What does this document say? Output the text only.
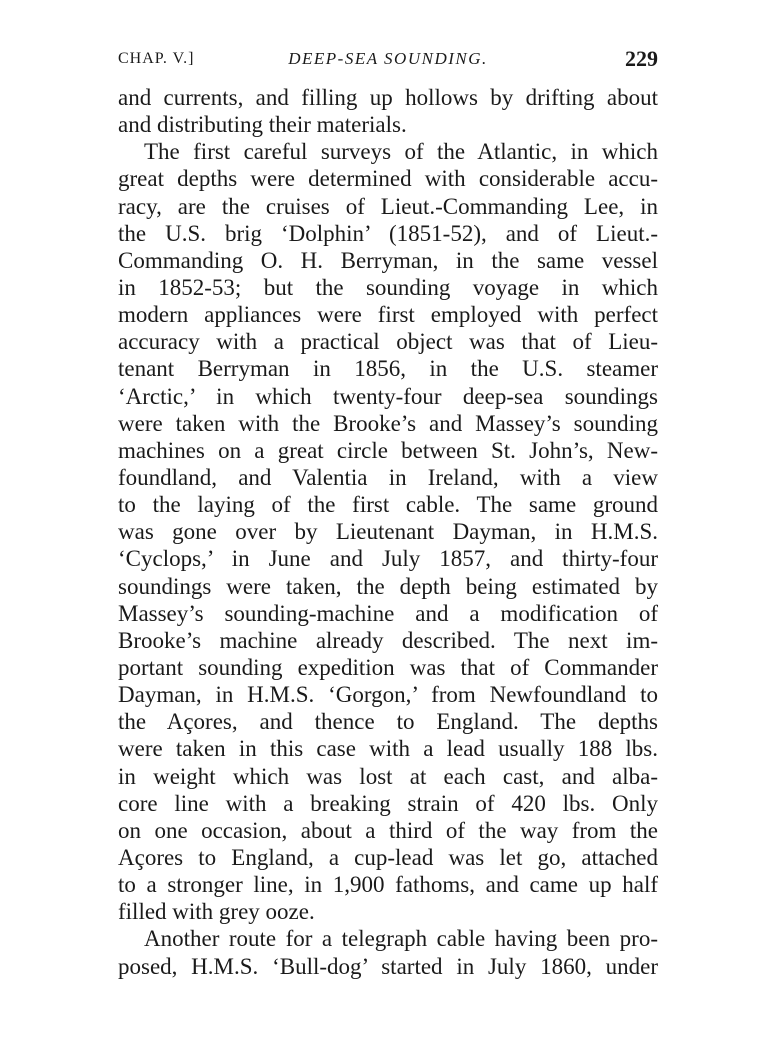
CHAP. V.]	DEEP-SEA SOUNDING.	229
and currents, and filling up hollows by drifting about
and distributing their materials.
The first careful surveys of the Atlantic, in which
great depths were determined with considerable accu-
racy, are the cruises of Lieut.-Commanding Lee, in
the U.S. brig ‘Dolphin’ (1851-52), and of Lieut.-
Commanding O. H. Berryman, in the same vessel
in 1852-53; but the sounding voyage in which
modern appliances were first employed with perfect
accuracy with a practical object was that of Lieu-
tenant Berryman in 1856, in the U.S. steamer
‘Arctic,’ in which twenty-four deep-sea soundings
were taken with the Brooke’s and Massey’s sounding
machines on a great circle between St. John’s, New-
foundland, and Valentia in Ireland, with a view
to the laying of the first cable. The same ground
was gone over by Lieutenant Dayman, in H.M.S.
‘Cyclops,’ in June and July 1857, and thirty-four
soundings were taken, the depth being estimated by
Massey’s sounding-machine and a modification of
Brooke’s machine already described. The next im-
portant sounding expedition was that of Commander
Dayman, in H.M.S. ‘Gorgon,’ from Newfoundland to
the Açores, and thence to England. The depths
were taken in this case with a lead usually 188 lbs.
in weight which was lost at each cast, and alba-
core line with a breaking strain of 420 lbs. Only
on one occasion, about a third of the way from the
Açores to England, a cup-lead was let go, attached
to a stronger line, in 1,900 fathoms, and came up half
filled with grey ooze.
Another route for a telegraph cable having been pro-
posed, H.M.S. ‘Bull-dog’ started in July 1860, under
